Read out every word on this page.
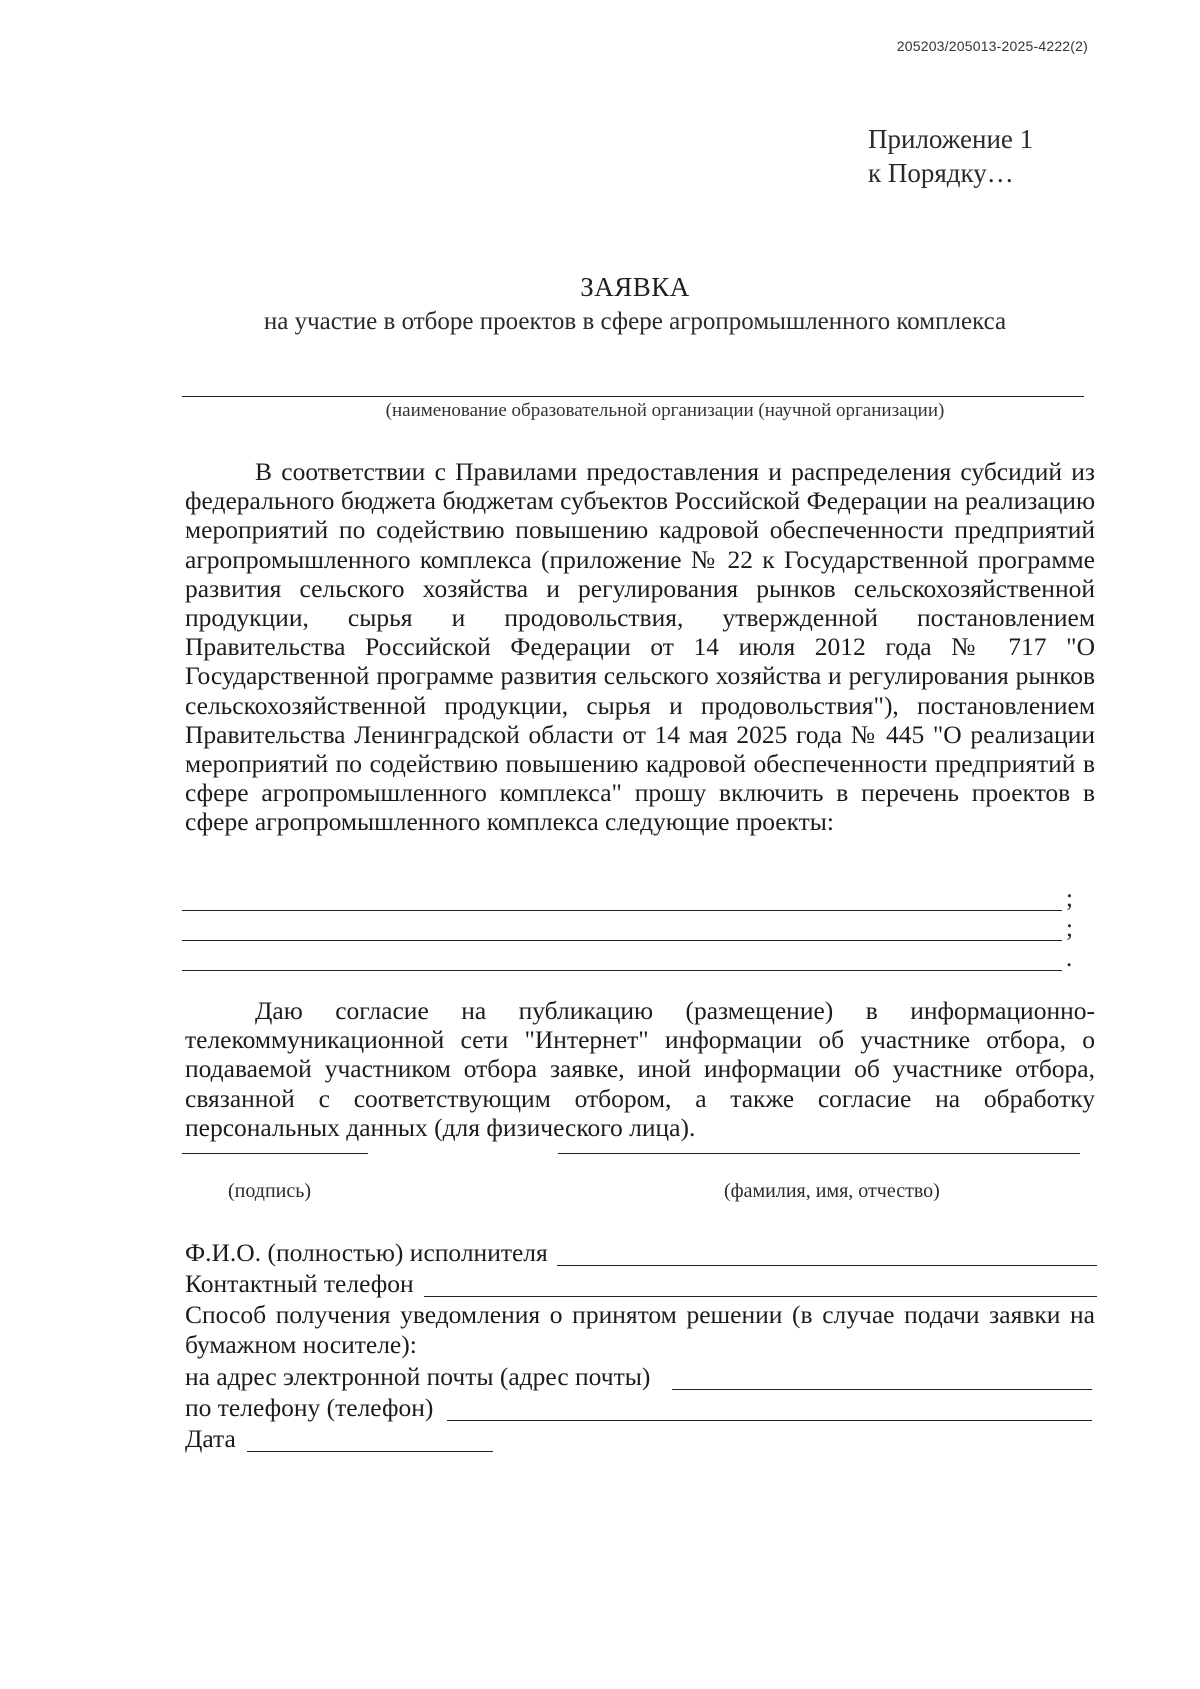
205203/205013-2025-4222(2)
Приложение 1
к Порядку…
ЗАЯВКА
на участие в отборе проектов в сфере агропромышленного комплекса
(наименование образовательной организации (научной организации)
В соответствии с Правилами предоставления и распределения субсидий из федерального бюджета бюджетам субъектов Российской Федерации на реализацию мероприятий по содействию повышению кадровой обеспеченности предприятий агропромышленного комплекса (приложение № 22 к Государственной программе развития сельского хозяйства и регулирования рынков сельскохозяйственной продукции, сырья и продовольствия, утвержденной постановлением Правительства Российской Федерации от 14 июля 2012 года № 717 "О Государственной программе развития сельского хозяйства и регулирования рынков сельскохозяйственной продукции, сырья и продовольствия"), постановлением Правительства Ленинградской области от 14 мая 2025 года № 445 "О реализации мероприятий по содействию повышению кадровой обеспеченности предприятий в сфере агропромышленного комплекса" прошу включить в перечень проектов в сфере агропромышленного комплекса следующие проекты:
;
;
.
Даю согласие на публикацию (размещение) в информационно-телекоммуникационной сети "Интернет" информации об участнике отбора, о подаваемой участником отбора заявке, иной информации об участнике отбора, связанной с соответствующим отбором, а также согласие на обработку персональных данных (для физического лица).
(подпись)	(фамилия, имя, отчество)
Ф.И.О. (полностью) исполнителя
Контактный телефон
Способ получения уведомления о принятом решении (в случае подачи заявки на бумажном носителе):
на адрес электронной почты (адрес почты)
по телефону (телефон)
Дата
